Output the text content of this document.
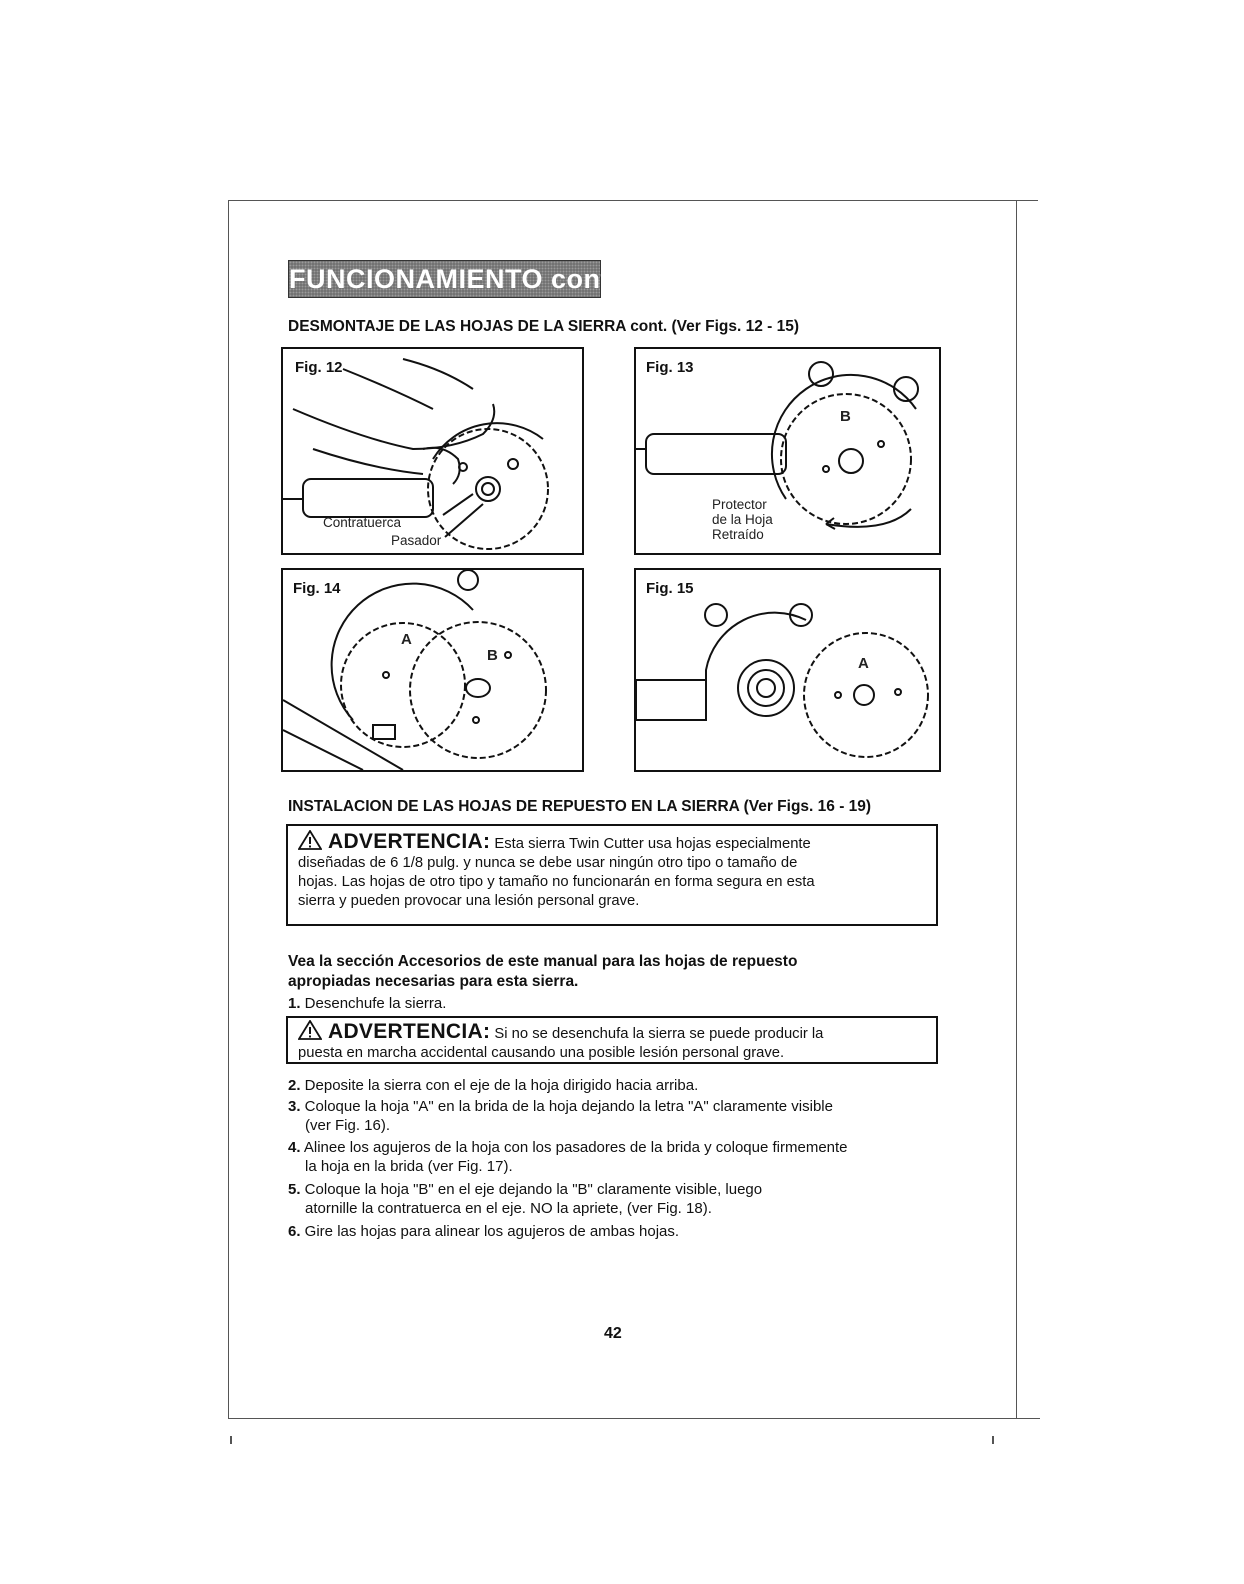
FUNCIONAMIENTO cont.
DESMONTAJE DE LAS HOJAS DE LA SIERRA cont. (Ver Figs. 12 - 15)
Fig. 12
Contratuerca
Pasador
Fig. 13
B
Protector
de la Hoja
Retraído
Fig. 14
A
B
Fig. 15
A
INSTALACION DE LAS HOJAS DE REPUESTO EN LA SIERRA (Ver Figs. 16 - 19)
ADVERTENCIA: Esta sierra Twin Cutter usa hojas especialmente
diseñadas de 6 1/8 pulg. y nunca se debe usar ningún otro tipo o tamaño de
hojas. Las hojas de otro tipo y tamaño no funcionarán en forma segura en esta
sierra y pueden provocar una lesión personal grave.
Vea la sección Accesorios de este manual para las hojas de repuesto
apropiadas necesarias para esta sierra.
1. Desenchufe la sierra.
ADVERTENCIA: Si no se desenchufa la sierra se puede producir la
puesta en marcha accidental causando una posible lesión personal grave.
2. Deposite la sierra con el eje de la hoja dirigido hacia arriba.
3. Coloque la hoja "A" en la brida de la hoja dejando la letra "A" claramente visible
(ver Fig. 16).
4. Alinee los agujeros de la hoja con los pasadores de la brida y coloque firmemente
la hoja en la brida (ver Fig. 17).
5. Coloque la hoja "B" en el eje dejando la "B" claramente visible, luego
atornille la contratuerca en el eje. NO la apriete, (ver Fig. 18).
6. Gire las hojas para alinear los agujeros de ambas hojas.
42
